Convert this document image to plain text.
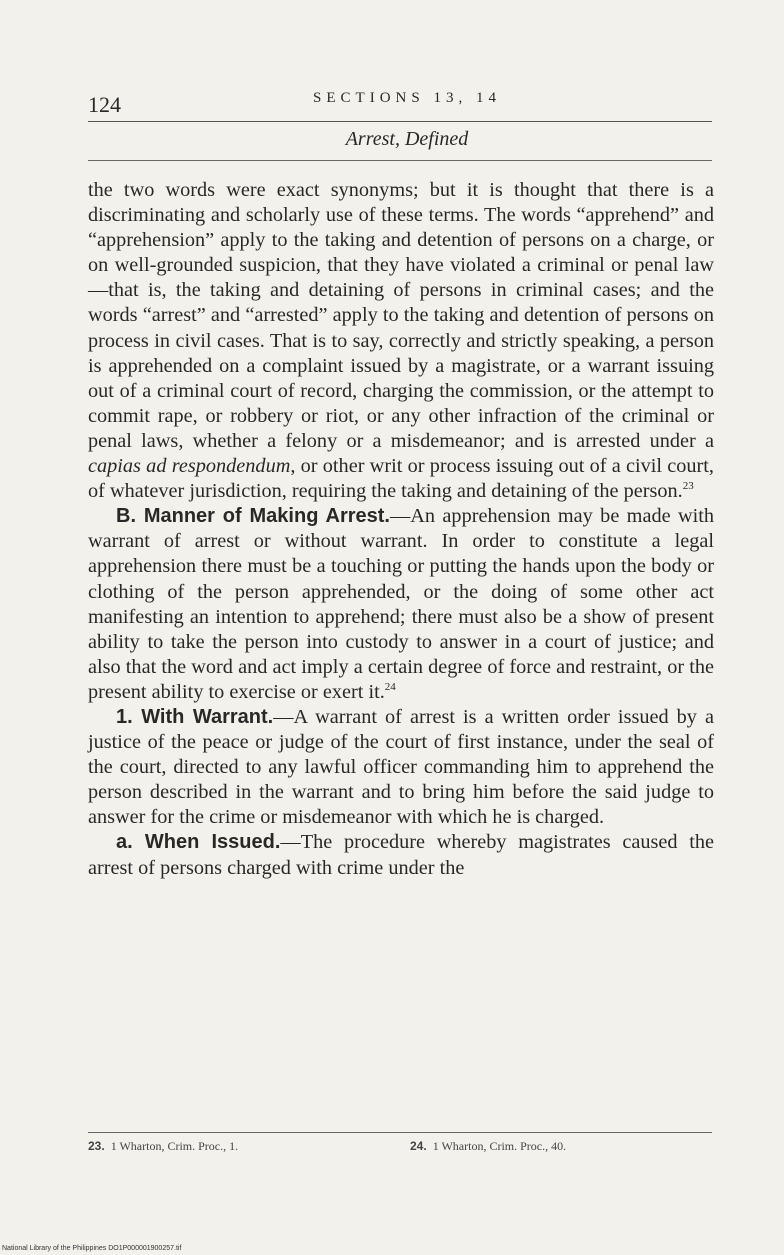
124	SECTIONS 13, 14
Arrest, Defined

the two words were exact synonyms; but it is thought that there is a discriminating and scholarly use of these terms. The words “apprehend” and “apprehension” apply to the taking and detention of persons on a charge, or on well-grounded suspicion, that they have violated a criminal or penal law—that is, the taking and detaining of persons in criminal cases; and the words “arrest” and “arrested” apply to the taking and detention of persons on process in civil cases. That is to say, correctly and strictly speaking, a person is apprehended on a complaint issued by a magistrate, or a warrant issuing out of a criminal court of record, charging the commission, or the attempt to commit rape, or robbery or riot, or any other infraction of the criminal or penal laws, whether a felony or a misdemeanor; and is arrested under a capias ad respondendum, or other writ or process issuing out of a civil court, of whatever jurisdiction, requiring the taking and detaining of the person.$^{23}$

B. Manner of Making Arrest.—An apprehension may be made with warrant of arrest or without warrant. In order to constitute a legal apprehension there must be a touching or putting the hands upon the body or clothing of the person apprehended, or the doing of some other act manifesting an intention to apprehend; there must also be a show of present ability to take the person into custody to answer in a court of justice; and also that the word and act imply a certain degree of force and restraint, or the present ability to exercise or exert it.$^{24}$

1. With Warrant.—A warrant of arrest is a written order issued by a justice of the peace or judge of the court of first instance, under the seal of the court, directed to any lawful officer commanding him to apprehend the person described in the warrant and to bring him before the said judge to answer for the crime or misdemeanor with which he is charged.

a. When Issued.—The procedure whereby magistrates caused the arrest of persons charged with crime under the

23. 1 Wharton, Crim. Proc., 1.	24. 1 Wharton, Crim. Proc., 40.
National Library of the Philippines DO1P000001900257.tif
